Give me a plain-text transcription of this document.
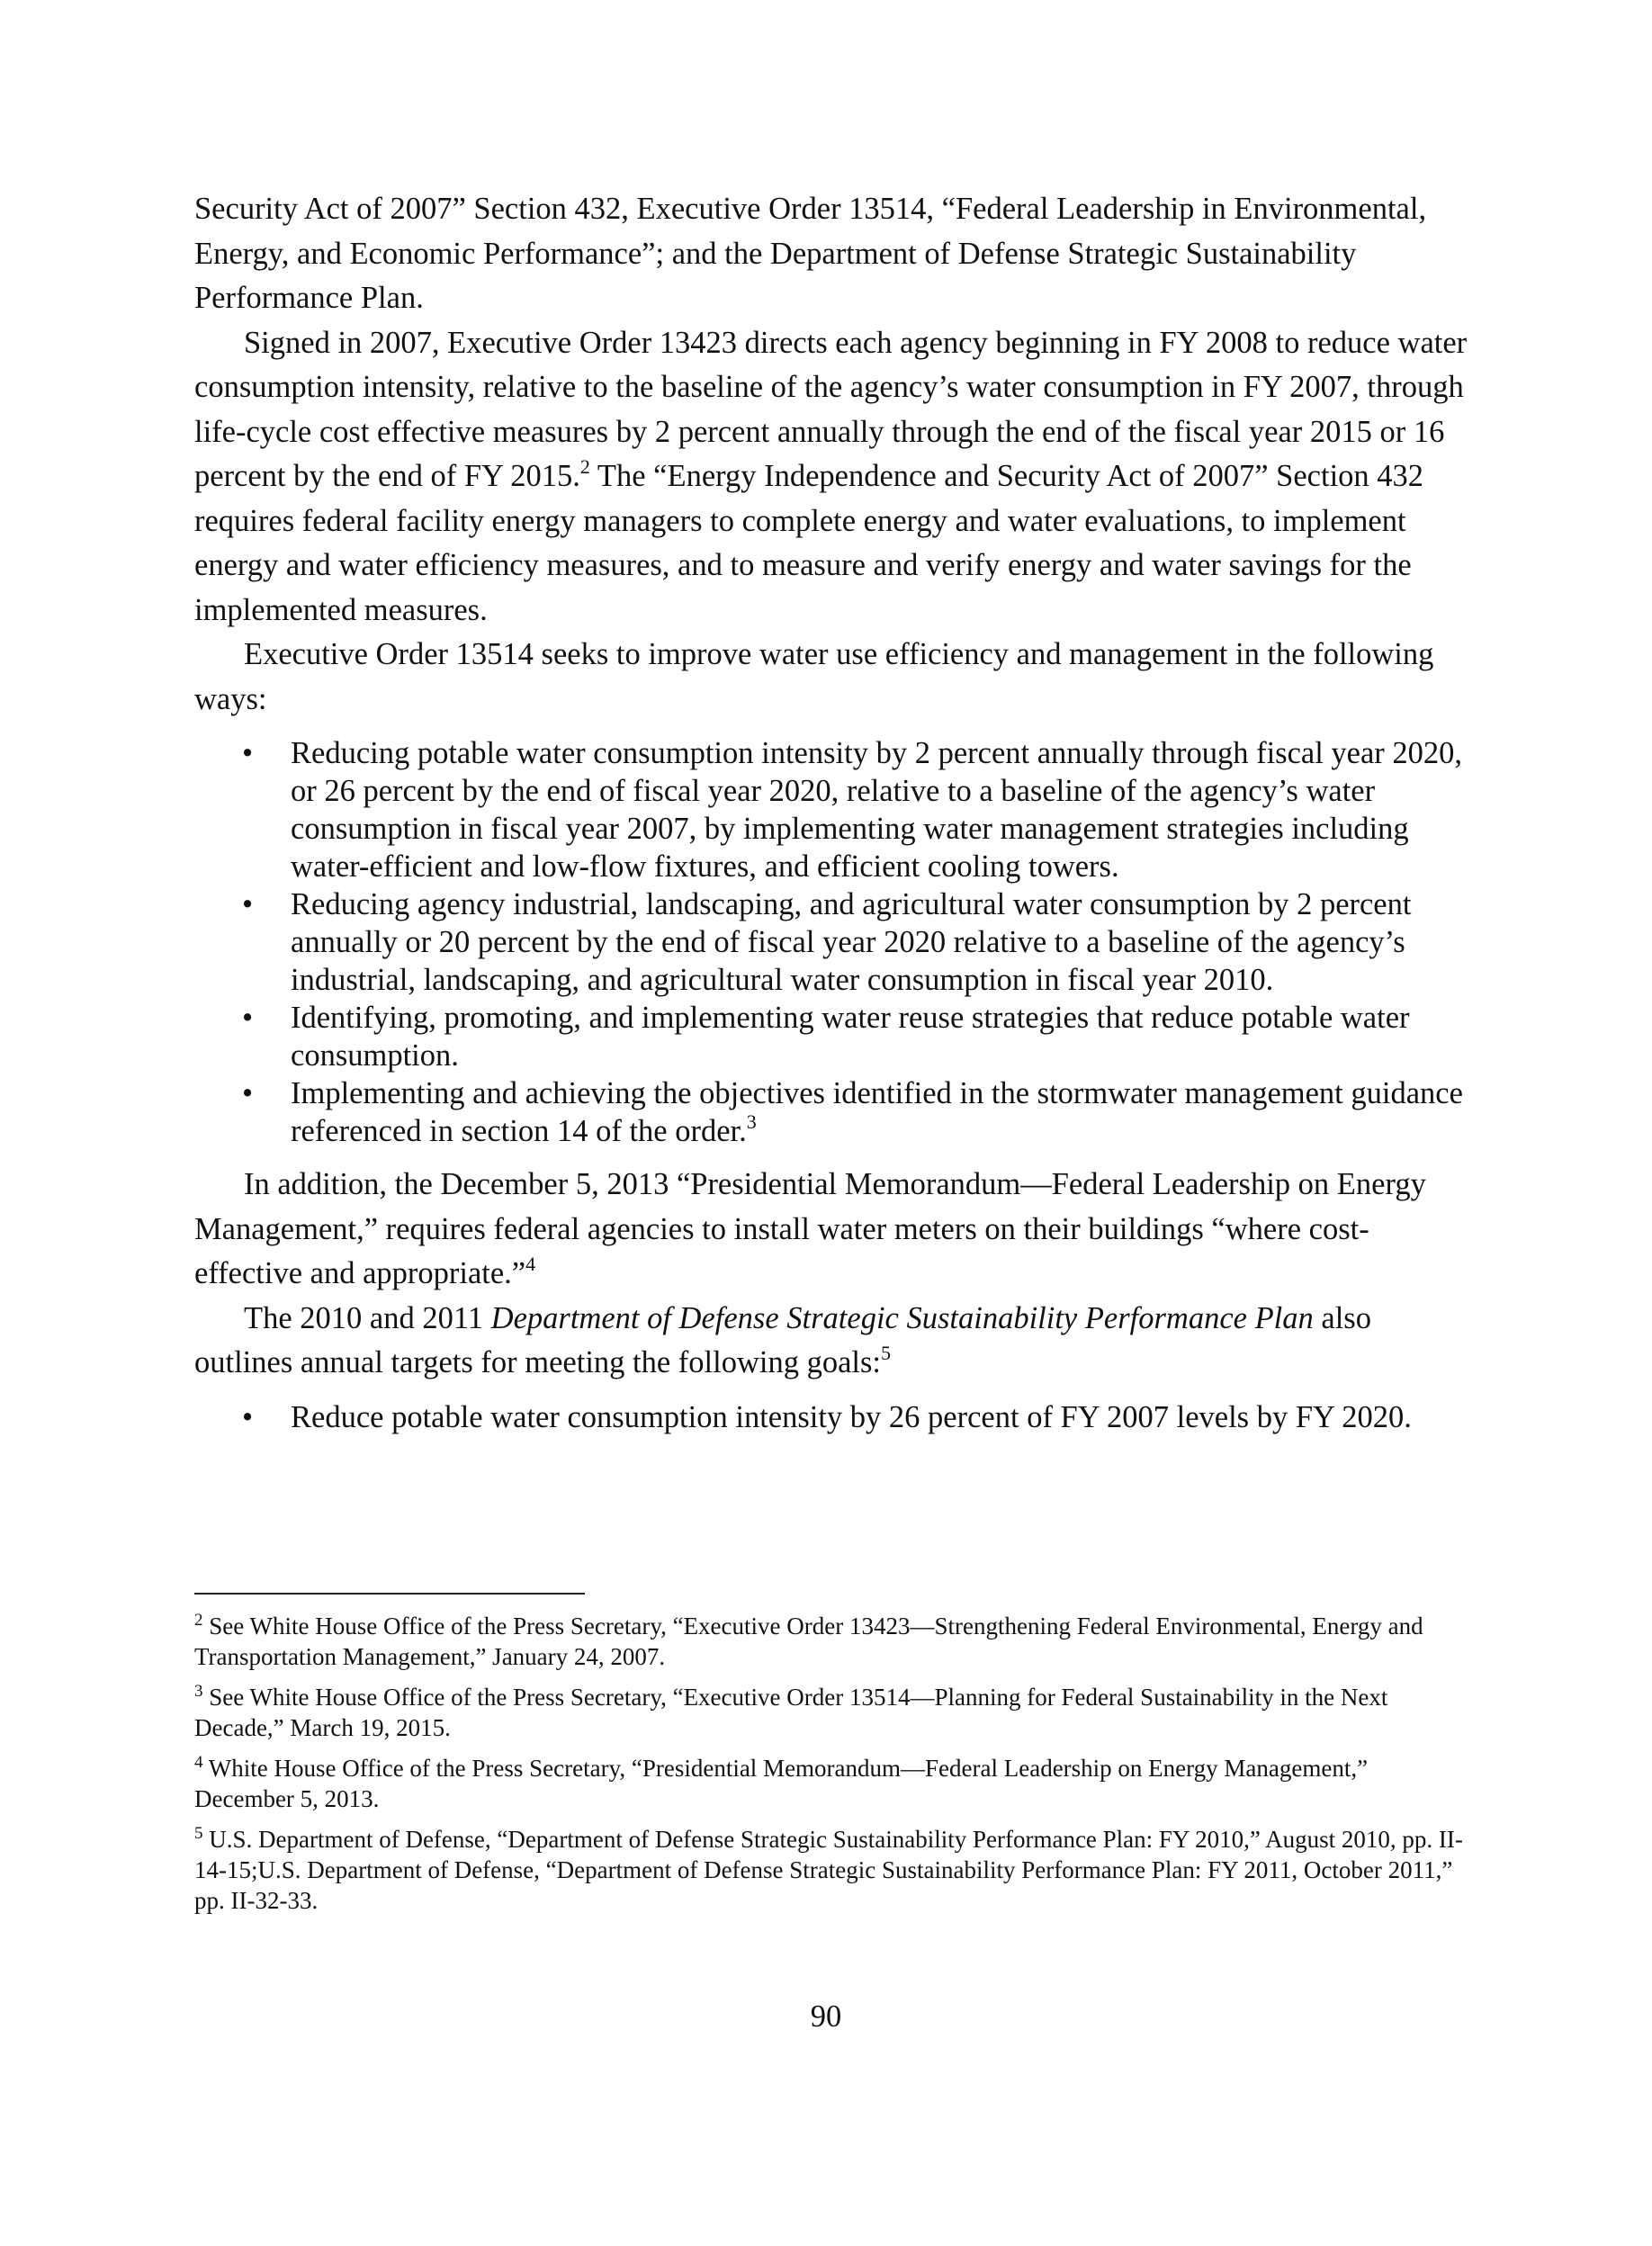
Security Act of 2007” Section 432, Executive Order 13514, “Federal Leadership in Environmental, Energy, and Economic Performance”; and the Department of Defense Strategic Sustainability Performance Plan.

Signed in 2007, Executive Order 13423 directs each agency beginning in FY 2008 to reduce water consumption intensity, relative to the baseline of the agency’s water consumption in FY 2007, through life-cycle cost effective measures by 2 percent annually through the end of the fiscal year 2015 or 16 percent by the end of FY 2015.$^2$ The “Energy Independence and Security Act of 2007” Section 432 requires federal facility energy managers to complete energy and water evaluations, to implement energy and water efficiency measures, and to measure and verify energy and water savings for the implemented measures.

Executive Order 13514 seeks to improve water use efficiency and management in the following ways:

• Reducing potable water consumption intensity by 2 percent annually through fiscal year 2020, or 26 percent by the end of fiscal year 2020, relative to a baseline of the agency’s water consumption in fiscal year 2007, by implementing water management strategies including water-efficient and low-flow fixtures, and efficient cooling towers.
• Reducing agency industrial, landscaping, and agricultural water consumption by 2 percent annually or 20 percent by the end of fiscal year 2020 relative to a baseline of the agency’s industrial, landscaping, and agricultural water consumption in fiscal year 2010.
• Identifying, promoting, and implementing water reuse strategies that reduce potable water consumption.
• Implementing and achieving the objectives identified in the stormwater management guidance referenced in section 14 of the order.$^3$

In addition, the December 5, 2013 “Presidential Memorandum—Federal Leadership on Energy Management,” requires federal agencies to install water meters on their buildings “where cost-effective and appropriate.”$^4$

The 2010 and 2011 Department of Defense Strategic Sustainability Performance Plan also outlines annual targets for meeting the following goals:$^5$

• Reduce potable water consumption intensity by 26 percent of FY 2007 levels by FY 2020.

$^2$ See White House Office of the Press Secretary, “Executive Order 13423—Strengthening Federal Environmental, Energy and Transportation Management,” January 24, 2007.

$^3$ See White House Office of the Press Secretary, “Executive Order 13514—Planning for Federal Sustainability in the Next Decade,” March 19, 2015.

$^4$ White House Office of the Press Secretary, “Presidential Memorandum—Federal Leadership on Energy Management,” December 5, 2013.

$^5$ U.S. Department of Defense, “Department of Defense Strategic Sustainability Performance Plan: FY 2010,” August 2010, pp. II-14-15;U.S. Department of Defense, “Department of Defense Strategic Sustainability Performance Plan: FY 2011, October 2011,” pp. II-32-33.

90
